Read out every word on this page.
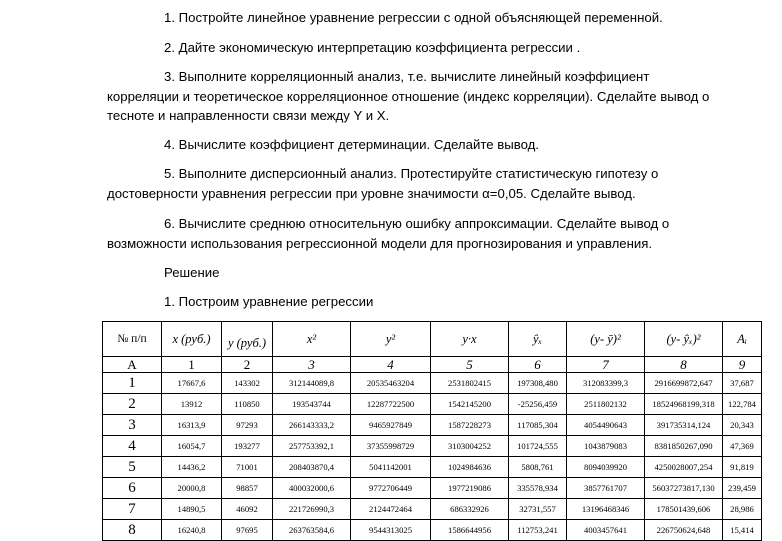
1. Постройте линейное уравнение регрессии с одной объясняющей переменной.
2. Дайте экономическую интерпретацию коэффициента регрессии .
3. Выполните корреляционный анализ, т.е. вычислите линейный коэффициент
корреляции и теоретическое корреляционное отношение (индекс корреляции). Сделайте вывод о
тесноте и направленности связи между Y и X.
4. Вычислите коэффициент детерминации. Сделайте вывод.
5. Выполните дисперсионный анализ. Протестируйте статистическую гипотезу о
достоверности уравнения регрессии при уровне значимости α=0,05. Сделайте вывод.
6. Вычислите среднюю относительную ошибку аппроксимации. Сделайте вывод о
возможности использования регрессионной модели для прогнозирования и управления.
Решение
1. Построим уравнение регрессии
№ п/п	x (руб.)	y (руб.)	x²	y²	y·x	ŷₓ	(y- ȳ)²	(y- ŷₓ)²	Aᵢ
A	1	2	3	4	5	6	7	8	9
1	17667,6	143302	312144089,8	20535463204	2531802415	197308,480	312083399,3	2916699872,647	37,687
2	13912	110850	193543744	12287722500	1542145200	-25256,459	2511802132	18524968199,318	122,784
3	16313,9	97293	266143333,2	9465927849	1587228273	117085,304	4054490643	391735314,124	20,343
4	16054,7	193277	257753392,1	37355998729	3103004252	101724,555	1043879083	8381850267,090	47,369
5	14436,2	71001	208403870,4	5041142001	1024984636	5808,761	8094039920	4250028007,254	91,819
6	20000,8	98857	400032000,6	9772706449	1977219086	335578,934	3857761707	56037273817,130	239,459
7	14890,5	46092	221726990,3	2124472464	686332926	32731,557	13196468346	178501439,606	28,986
8	16240,8	97695	263763584,6	9544313025	1586644956	112753,241	4003457641	226750624,648	15,414
